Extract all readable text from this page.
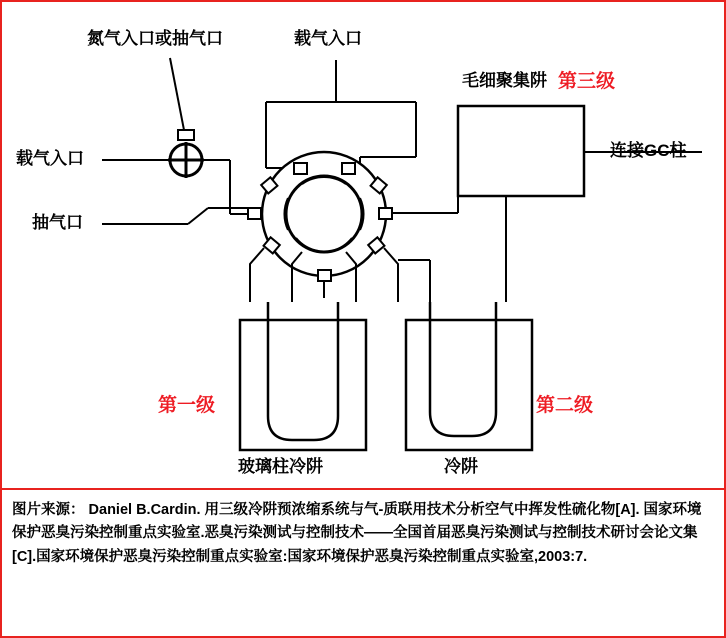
氮气入口或抽气口	载气入口
毛细聚集阱 第三级
载气入口	连接GC柱
抽气口
第一级	第二级
玻璃柱冷阱	冷阱

图片来源： Daniel B.Cardin. 用三级冷阱预浓缩系统与气-质联用技术分析空气中挥发性硫化物[A]. 国家环境保护恶臭污染控制重点实验室.恶臭污染测试与控制技术——全国首届恶臭污染测试与控制技术研讨会论文集[C].国家环境保护恶臭污染控制重点实验室:国家环境保护恶臭污染控制重点实验室,2003:7.
